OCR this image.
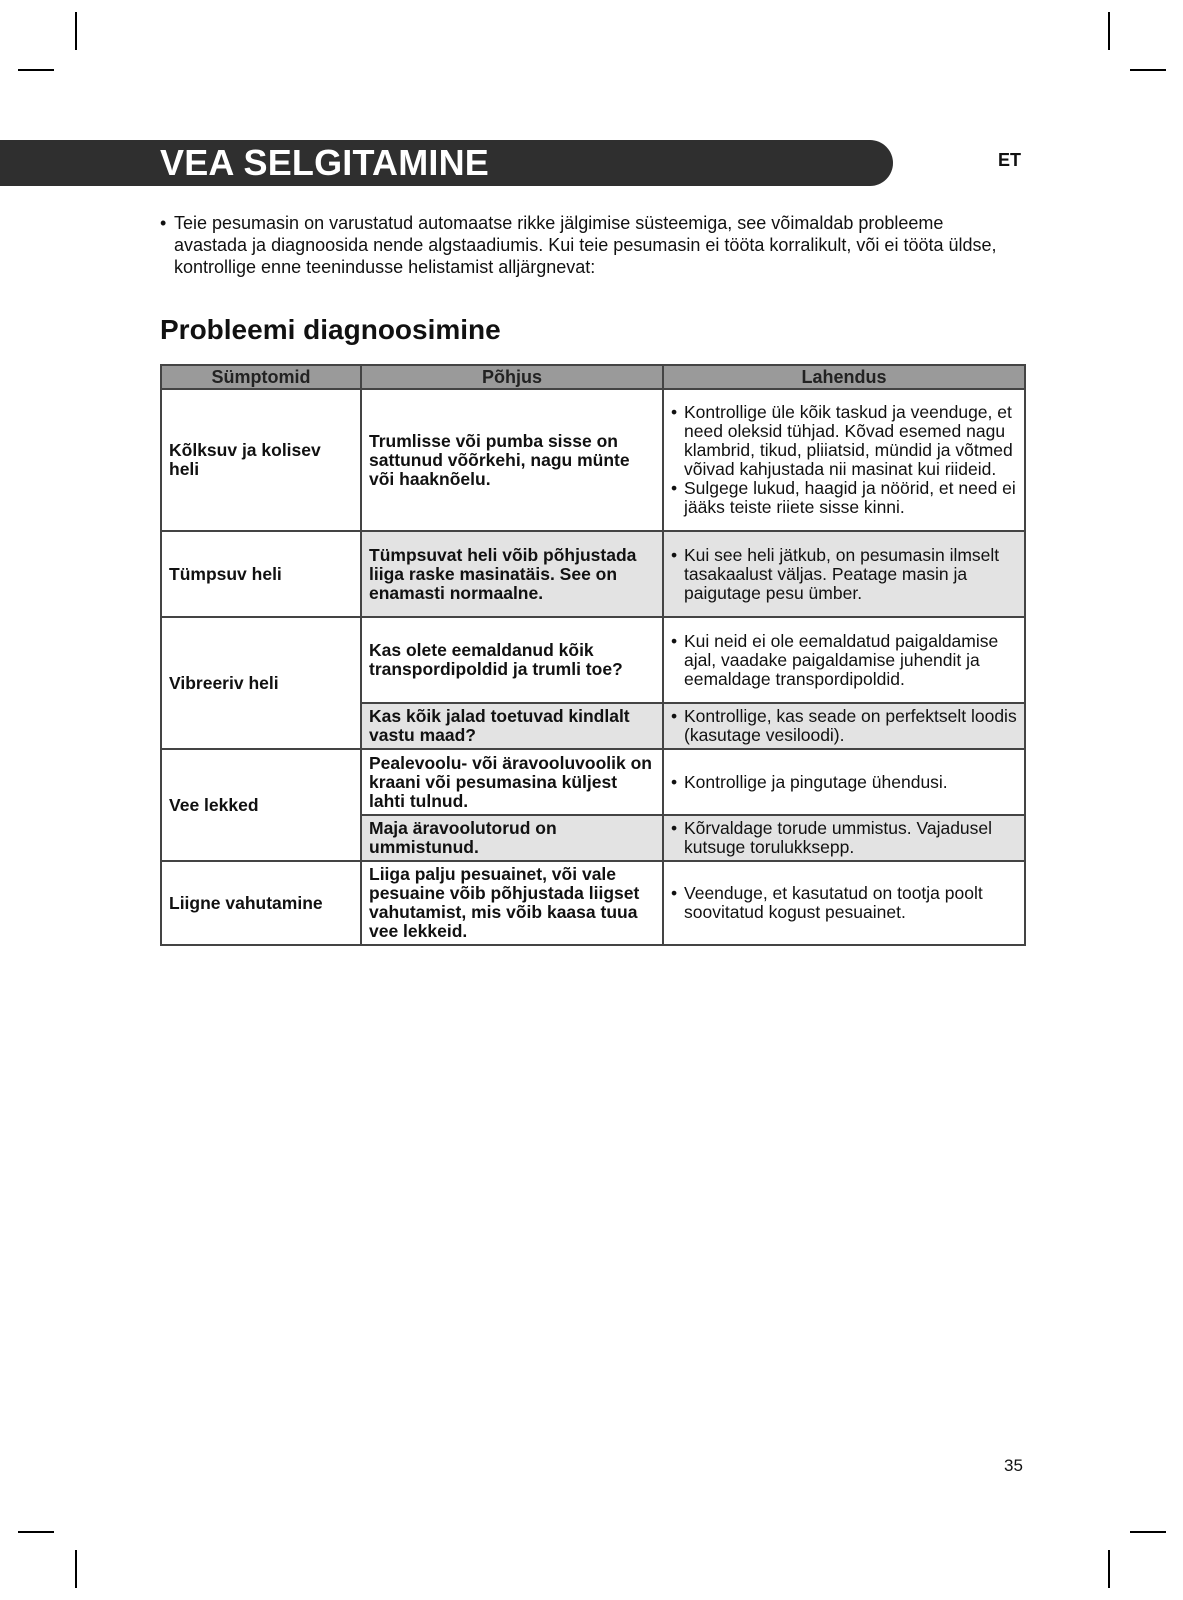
VEA SELGITAMINE	ET
• Teie pesumasin on varustatud automaatse rikke jälgimise süsteemiga, see võimaldab probleeme avastada ja diagnoosida nende algstaadiumis. Kui teie pesumasin ei tööta korralikult, või ei tööta üldse, kontrollige enne teenindusse helistamist alljärgnevat:
Probleemi diagnoosimine
Sümptomid	Põhjus	Lahendus
Kõlksuv ja kolisev heli	Trumlisse või pumba sisse on sattunud võõrkehi, nagu münte või haaknõelu.	• Kontrollige üle kõik taskud ja veenduge, et need oleksid tühjad. Kõvad esemed nagu klambrid, tikud, pliiatsid, mündid ja võtmed võivad kahjustada nii masinat kui riideid.
• Sulgege lukud, haagid ja nöörid, et need ei jääks teiste riiete sisse kinni.

Tümpsuv heli	Tümpsuvat heli võib põhjustada liiga raske masinatäis. See on enamasti normaalne.	• Kui see heli jätkub, on pesumasin ilmselt tasakaalust väljas. Peatage masin ja paigutage pesu ümber.

Vibreeriv heli	Kas olete eemaldanud kõik transpordipoldid ja trumli toe?	• Kui neid ei ole eemaldatud paigaldamise ajal, vaadake paigaldamise juhendit ja eemaldage transpordipoldid.

	Kas kõik jalad toetuvad kindlalt vastu maad?	• Kontrollige, kas seade on perfektselt loodis (kasutage vesiloodi).

Vee lekked	Pealevoolu- või äravooluvoolik on kraani või pesumasina küljest lahti tulnud.	• Kontrollige ja pingutage ühendusi.

	Maja äravoolutorud on ummistunud.	• Kõrvaldage torude ummistus. Vajadusel kutsuge torulukksepp.

Liigne vahutamine	Liiga palju pesuainet, või vale pesuaine võib põhjustada liigset vahutamist, mis võib kaasa tuua vee lekkeid.	• Veenduge, et kasutatud on tootja poolt soovitatud kogust pesuainet.
35
